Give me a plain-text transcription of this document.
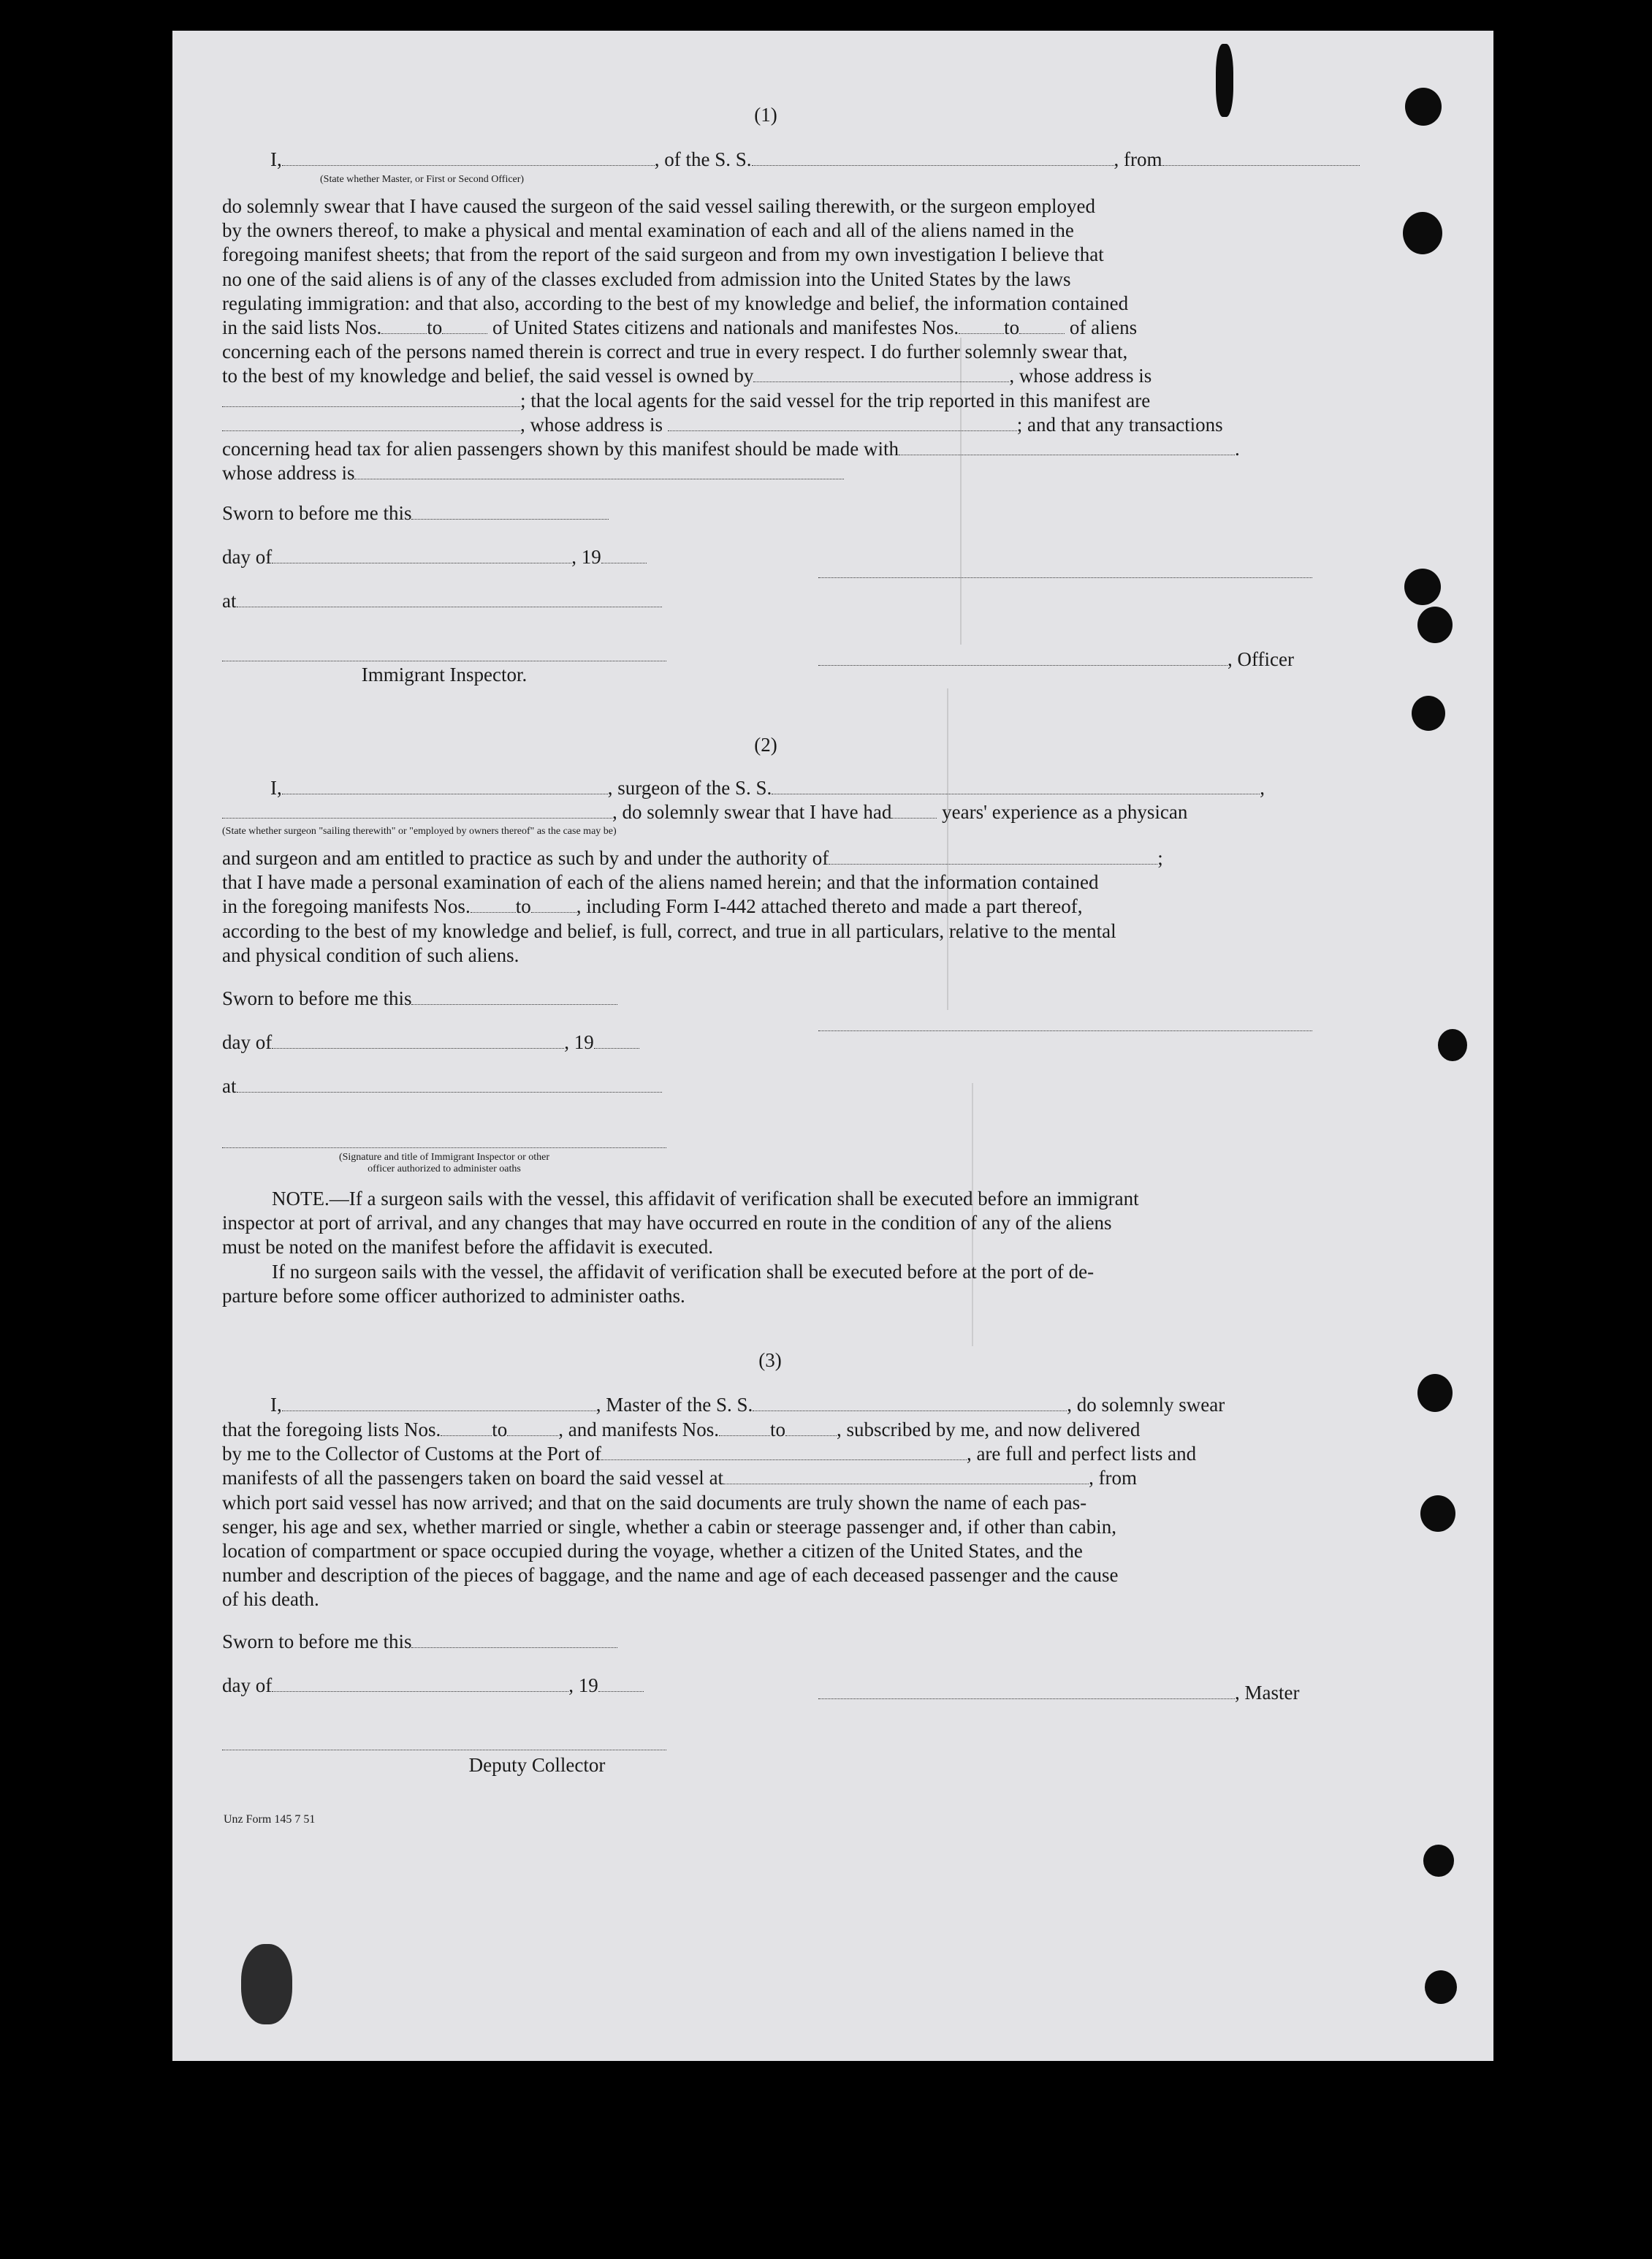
(1)
I,	, of the S. S.	, from
(State whether Master, or First or Second Officer)
do solemnly swear that I have caused the surgeon of the said vessel sailing therewith, or the surgeon employed
by the owners thereof, to make a physical and mental examination of each and all of the aliens named in the
foregoing manifest sheets; that from the report of the said surgeon and from my own investigation I believe that
no one of the said aliens is of any of the classes excluded from admission into the United States by the laws
regulating immigration: and that also, according to the best of my knowledge and belief, the information contained
in the said lists Nos. to	of United States citizens and nationals and manifestes Nos. to	of aliens
concerning each of the persons named therein is correct and true in every respect. I do further solemnly swear that,
to the best of my knowledge and belief, the said vessel is owned by	, whose address is
; that the local agents for the said vessel for the trip reported in this manifest are
, whose address is	; and that any transactions
concerning head tax for alien passengers shown by this manifest should be made with	.
whose address is
Sworn to before me this
day of	, 19
at
, Officer
Immigrant Inspector.
(2)
I,	, surgeon of the S. S.	,
, do solemnly swear that I have had	years' experience as a physican
(State whether surgeon "sailing therewith" or "employed by owners thereof" as the case may be)
and surgeon and am entitled to practice as such by and under the authority of	;
that I have made a personal examination of each of the aliens named herein; and that the information contained
in the foregoing manifests Nos. to , including Form I-442 attached thereto and made a part thereof,
according to the best of my knowledge and belief, is full, correct, and true in all particulars, relative to the mental
and physical condition of such aliens.
Sworn to before me this
day of	, 19
at
(Signature and title of Immigrant Inspector or other
officer authorized to administer oaths
NOTE.—If a surgeon sails with the vessel, this affidavit of verification shall be executed before an immigrant
inspector at port of arrival, and any changes that may have occurred en route in the condition of any of the aliens
must be noted on the manifest before the affidavit is executed.
If no surgeon sails with the vessel, the affidavit of verification shall be executed before at the port of de-
parture before some officer authorized to administer oaths.
(3)
I,	, Master of the S. S.	, do solemnly swear
that the foregoing lists Nos.	to	, and manifests Nos.	to	, subscribed by me, and now delivered
by me to the Collector of Customs at the Port of	, are full and perfect lists and
manifests of all the passengers taken on board the said vessel at	, from
which port said vessel has now arrived; and that on the said documents are truly shown the name of each pas-
senger, his age and sex, whether married or single, whether a cabin or steerage passenger and, if other than cabin,
location of compartment or space occupied during the voyage, whether a citizen of the United States, and the
number and description of the pieces of baggage, and the name and age of each deceased passenger and the cause
of his death.
Sworn to before me this
day of	, 19	, Master
Deputy Collector
Unz Form 145 7 51
